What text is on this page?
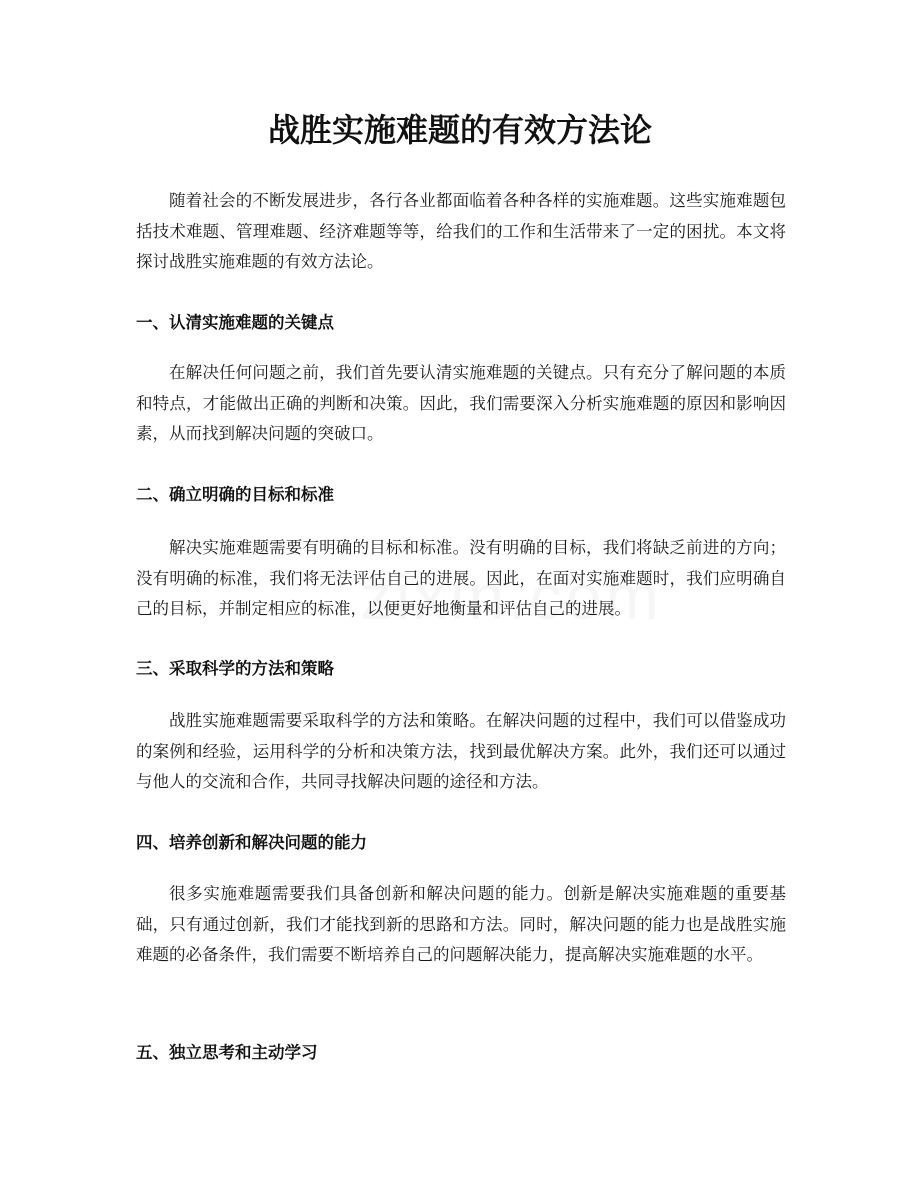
战胜实施难题的有效方法论

随着社会的不断发展进步，各行各业都面临着各种各样的实施难题。这些实施难题包括技术难题、管理难题、经济难题等等，给我们的工作和生活带来了一定的困扰。本文将探讨战胜实施难题的有效方法论。

一、认清实施难题的关键点

在解决任何问题之前，我们首先要认清实施难题的关键点。只有充分了解问题的本质和特点，才能做出正确的判断和决策。因此，我们需要深入分析实施难题的原因和影响因素，从而找到解决问题的突破口。

二、确立明确的目标和标准

解决实施难题需要有明确的目标和标准。没有明确的目标，我们将缺乏前进的方向；没有明确的标准，我们将无法评估自己的进展。因此，在面对实施难题时，我们应明确自己的目标，并制定相应的标准，以便更好地衡量和评估自己的进展。

三、采取科学的方法和策略

战胜实施难题需要采取科学的方法和策略。在解决问题的过程中，我们可以借鉴成功的案例和经验，运用科学的分析和决策方法，找到最优解决方案。此外，我们还可以通过与他人的交流和合作，共同寻找解决问题的途径和方法。

四、培养创新和解决问题的能力

很多实施难题需要我们具备创新和解决问题的能力。创新是解决实施难题的重要基础，只有通过创新，我们才能找到新的思路和方法。同时，解决问题的能力也是战胜实施难题的必备条件，我们需要不断培养自己的问题解决能力，提高解决实施难题的水平。

五、独立思考和主动学习
